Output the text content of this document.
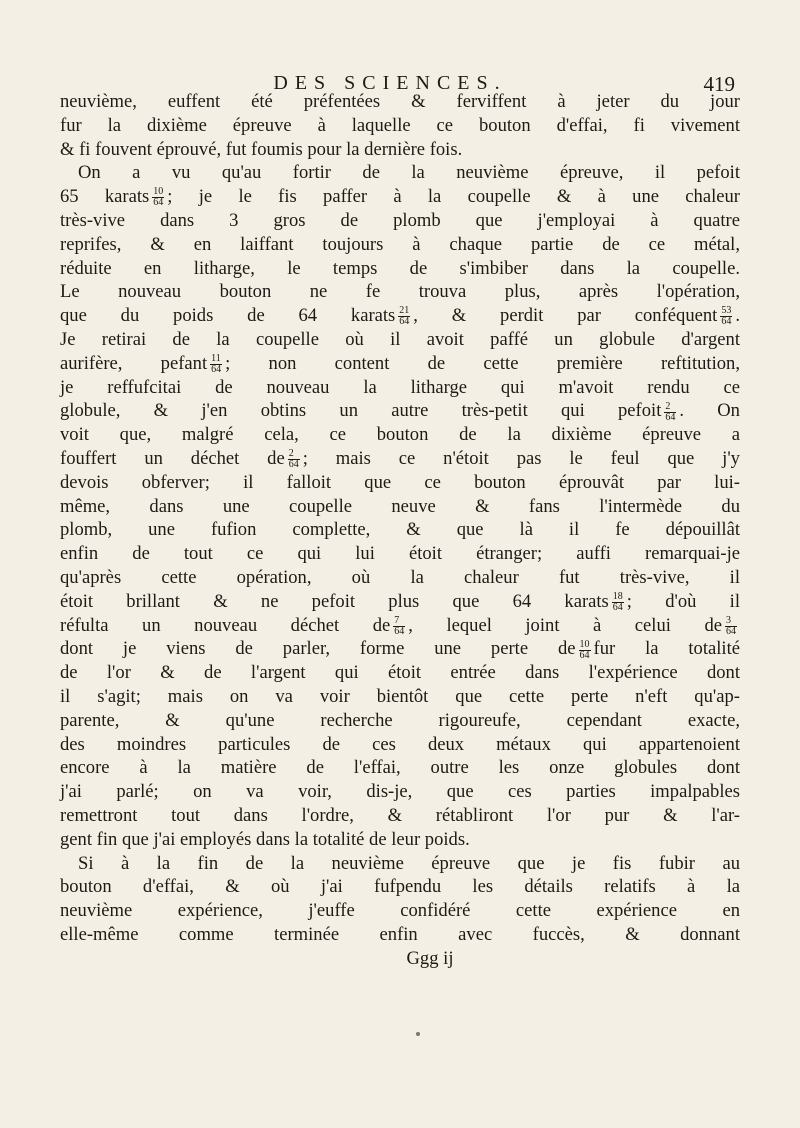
DES SCIENCES.	419
neuvième, euffent été préfentées & ferviffent à jeter du jour
fur la dixième épreuve à laquelle ce bouton d'effai, fi vivement
& fi fouvent éprouvé, fut foumis pour la dernière fois.
On a vu qu'au fortir de la neuvième épreuve, il pefoit
65 karats $\frac{10}{64}$ ; je le fis paffer à la coupelle & à une chaleur
très-vive dans 3 gros de plomb que j'employai à quatre
reprifes, & en laiffant toujours à chaque partie de ce métal,
réduite en litharge, le temps de s'imbiber dans la coupelle.
Le nouveau bouton ne fe trouva plus, après l'opération,
que du poids de 64 karats $\frac{21}{64}$ , & perdit par conféquent $\frac{53}{64}$ .
Je retirai de la coupelle où il avoit paffé un globule d'argent
aurifère, pefant $\frac{11}{64}$ ; non content de cette première reftitution,
je reffufcitai de nouveau la litharge qui m'avoit rendu ce
globule, & j'en obtins un autre très-petit qui pefoit $\frac{2}{64}$ . On
voit que, malgré cela, ce bouton de la dixième épreuve a
fouffert un déchet de $\frac{2}{64}$ ; mais ce n'étoit pas le feul que j'y
devois obferver; il falloit que ce bouton éprouvât par lui-
même, dans une coupelle neuve & fans l'intermède du
plomb, une fufion complette, & que là il fe dépouillât
enfin de tout ce qui lui étoit étranger; auffi remarquai-je
qu'après cette opération, où la chaleur fut très-vive, il
étoit brillant & ne pefoit plus que 64 karats $\frac{18}{64}$ ; d'où il
réfulta un nouveau déchet de $\frac{7}{64}$ , lequel joint à celui de $\frac{3}{64}$
dont je viens de parler, forme une perte de $\frac{10}{64}$ fur la totalité
de l'or & de l'argent qui étoit entrée dans l'expérience dont
il s'agit; mais on va voir bientôt que cette perte n'eft qu'ap-
parente, & qu'une recherche rigoureufe, cependant exacte,
des moindres particules de ces deux métaux qui appartenoient
encore à la matière de l'effai, outre les onze globules dont
j'ai parlé; on va voir, dis-je, que ces parties impalpables
remettront tout dans l'ordre, & rétabliront l'or pur & l'ar-
gent fin que j'ai employés dans la totalité de leur poids.
Si à la fin de la neuvième épreuve que je fis fubir au
bouton d'effai, & où j'ai fufpendu les détails relatifs à la
neuvième expérience, j'euffe confidéré cette expérience en
elle-même comme terminée enfin avec fuccès, & donnant
Ggg ij
